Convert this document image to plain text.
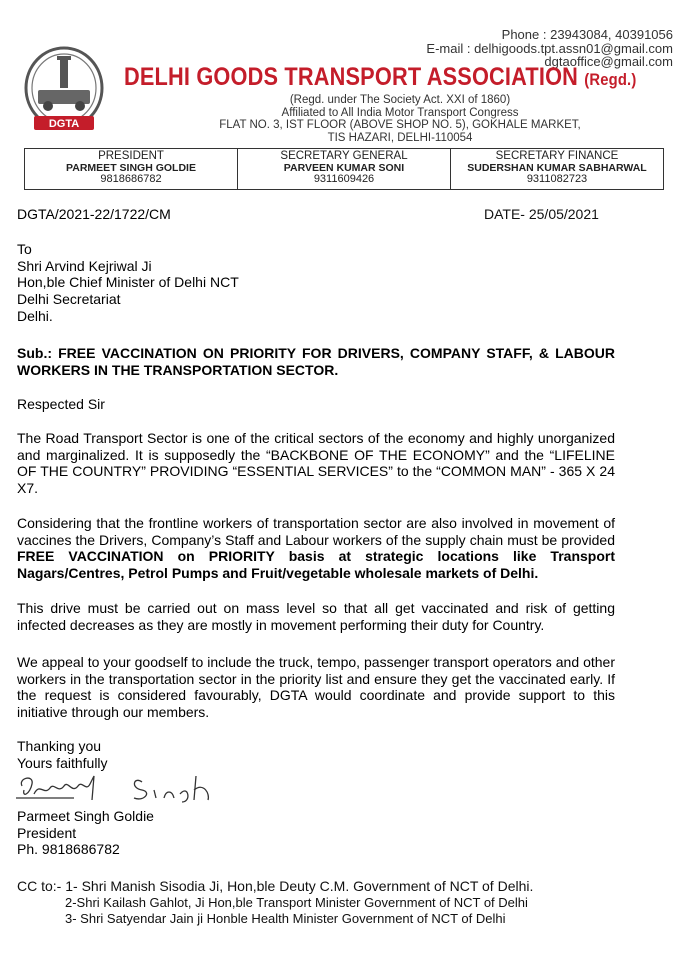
DGTA
Phone : 23943084, 40391056
E-mail : delhigoods.tpt.assn01@gmail.com
dgtaoffice@gmail.com
DELHI GOODS TRANSPORT ASSOCIATION (Regd.)
(Regd. under The Society Act. XXI of 1860)
Affiliated to All India Motor Transport Congress
FLAT NO. 3, IST FLOOR (ABOVE SHOP NO. 5), GOKHALE MARKET,
TIS HAZARI, DELHI-110054
PRESIDENT
PARMEET SINGH GOLDIE
9818686782
SECRETARY GENERAL
PARVEEN KUMAR SONI
9311609426
SECRETARY FINANCE
SUDERSHAN KUMAR SABHARWAL
9311082723
DGTA/2021-22/1722/CM	DATE- 25/05/2021
To
Shri Arvind Kejriwal Ji
Hon,ble Chief Minister of Delhi NCT
Delhi Secretariat
Delhi.
Sub.: FREE VACCINATION ON PRIORITY FOR DRIVERS, COMPANY STAFF, & LABOUR WORKERS IN THE TRANSPORTATION SECTOR.
Respected Sir
The Road Transport Sector is one of the critical sectors of the economy and highly unorganized and marginalized. It is supposedly the “BACKBONE OF THE ECONOMY” and the “LIFELINE OF THE COUNTRY” PROVIDING “ESSENTIAL SERVICES” to the “COMMON MAN” - 365 X 24 X7.
Considering that the frontline workers of transportation sector are also involved in movement of vaccines the Drivers, Company’s Staff and Labour workers of the supply chain must be provided FREE VACCINATION on PRIORITY basis at strategic locations like Transport Nagars/Centres, Petrol Pumps and Fruit/vegetable wholesale markets of Delhi.
This drive must be carried out on mass level so that all get vaccinated and risk of getting infected decreases as they are mostly in movement performing their duty for Country.
We appeal to your goodself to include the truck, tempo, passenger transport operators and other workers in the transportation sector in the priority list and ensure they get the vaccinated early. If the request is considered favourably, DGTA would coordinate and provide support to this initiative through our members.
Thanking you
Yours faithfully
Parmeet Singh Goldie
President
Ph. 9818686782
CC to:- 1- Shri Manish Sisodia Ji, Hon,ble Deuty C.M. Government of NCT of Delhi.
2-Shri Kailash Gahlot, Ji Hon,ble Transport Minister Government of NCT of Delhi
3- Shri Satyendar Jain ji Honble Health Minister Government of NCT of Delhi
